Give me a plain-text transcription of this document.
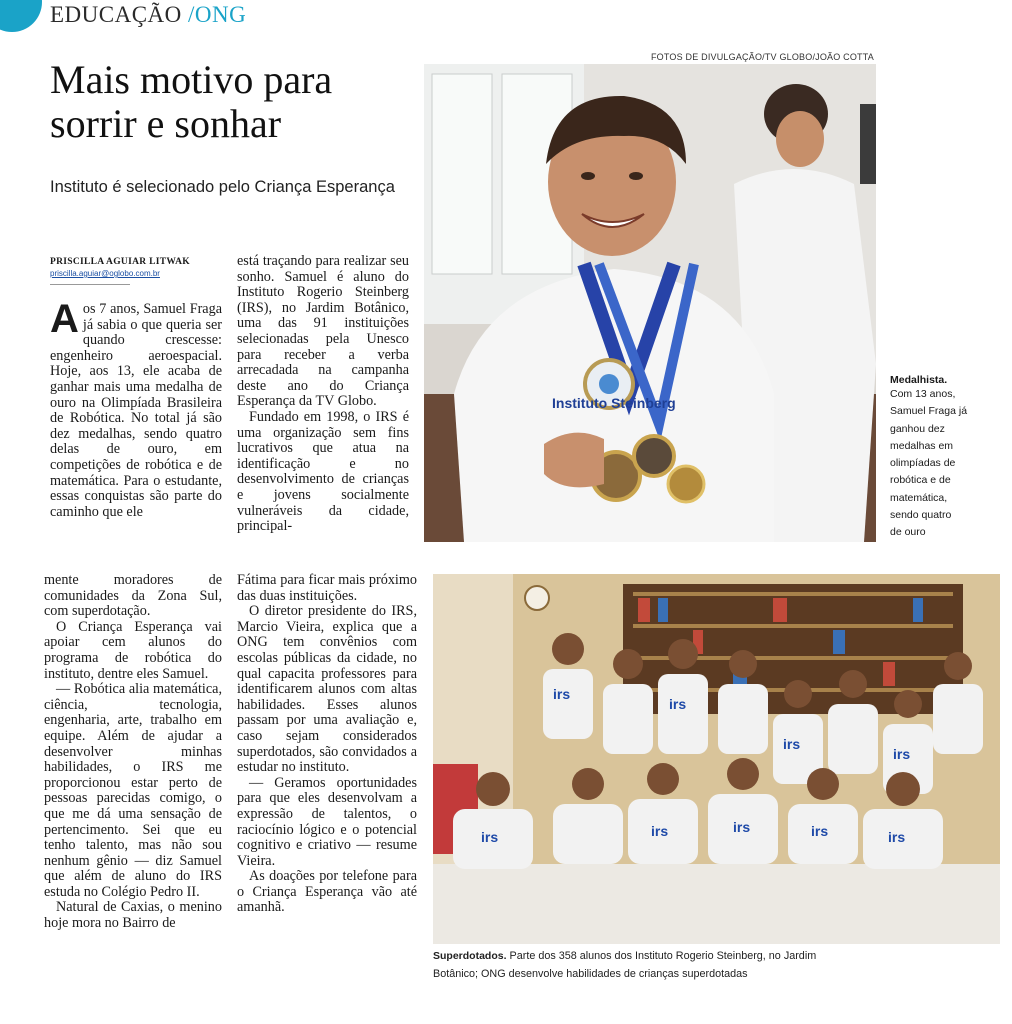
EDUCAÇÃO /ONG
FOTOS DE DIVULGAÇÃO/TV GLOBO/JOÃO COTTA
Mais motivo para sorrir e sonhar
Instituto é selecionado pelo Criança Esperança
PRISCILLA AGUIAR LITWAK
priscilla.aguiar@oglobo.com.br

Aos 7 anos, Samuel Fraga já sabia o que queria ser quando crescesse: engenheiro aeroespacial. Hoje, aos 13, ele acaba de ganhar mais uma medalha de ouro na Olimpíada Brasileira de Robótica. No total já são dez medalhas, sendo quatro delas de ouro, em competições de robótica e de matemática. Para o estudante, essas conquistas são parte do caminho que ele

está traçando para realizar seu sonho. Samuel é aluno do Instituto Rogerio Steinberg (IRS), no Jardim Botânico, uma das 91 instituições selecionadas pela Unesco para receber a verba arrecadada na campanha deste ano do Criança Esperança da TV Globo.

Fundado em 1998, o IRS é uma organização sem fins lucrativos que atua na identificação e no desenvolvimento de crianças e jovens socialmente vulneráveis da cidade, principal-

mente moradores de comunidades da Zona Sul, com superdotação.

O Criança Esperança vai apoiar cem alunos do programa de robótica do instituto, dentre eles Samuel.

— Robótica alia matemática, ciência, tecnologia, engenharia, arte, trabalho em equipe. Além de ajudar a desenvolver minhas habilidades, o IRS me proporcionou estar perto de pessoas parecidas comigo, o que me dá uma sensação de pertencimento. Sei que eu tenho talento, mas não sou nenhum gênio — diz Samuel que além de aluno do IRS estuda no Colégio Pedro II.

Natural de Caxias, o menino hoje mora no Bairro de

Fátima para ficar mais próximo das duas instituições.

O diretor presidente do IRS, Marcio Vieira, explica que a ONG tem convênios com escolas públicas da cidade, no qual capacita professores para identificarem alunos com altas habilidades. Esses alunos passam por uma avaliação e, caso sejam considerados superdotados, são convidados a estudar no instituto.

— Geramos oportunidades para que eles desenvolvam a expressão de talentos, o raciocínio lógico e o potencial cognitivo e criativo — resume Vieira.

As doações por telefone para o Criança Esperança vão até amanhã.

Instituto Steinberg
Medalhista.
Com 13 anos,
Samuel Fraga já
ganhou dez
medalhas em
olimpíadas de
robótica e de
matemática,
sendo quatro
de ouro
irs
irs
irs
irs
irs	irs	irs	irs	irs
Superdotados. Parte dos 358 alunos dos Instituto Rogerio Steinberg, no Jardim Botânico; ONG desenvolve habilidades de crianças superdotadas
